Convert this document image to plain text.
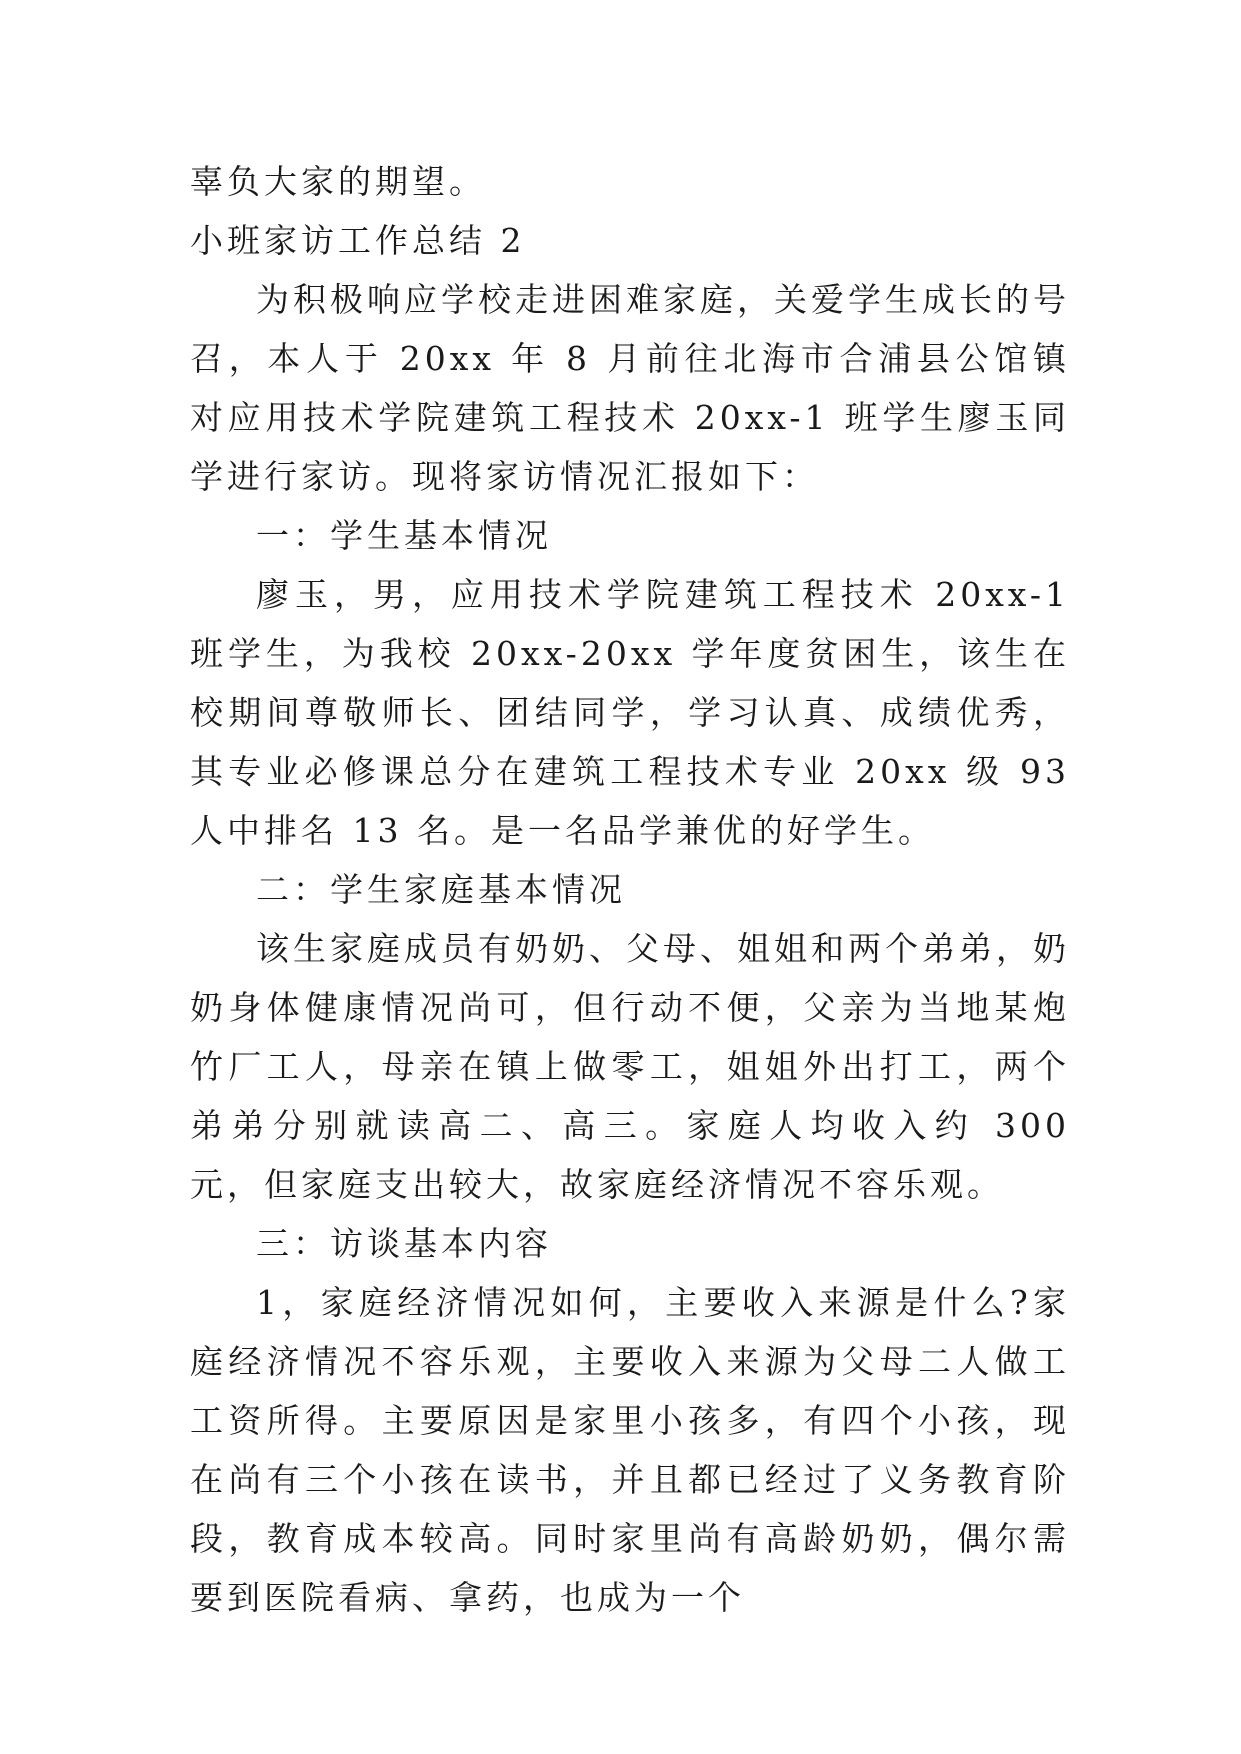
辜负大家的期望。

小班家访工作总结 2

为积极响应学校走进困难家庭，关爱学生成长的号召，本人于 20xx 年 8 月前往北海市合浦县公馆镇对应用技术学院建筑工程技术 20xx-1 班学生廖玉同学进行家访。现将家访情况汇报如下：

一：学生基本情况

廖玉，男，应用技术学院建筑工程技术 20xx-1 班学生，为我校 20xx-20xx 学年度贫困生，该生在校期间尊敬师长、团结同学，学习认真、成绩优秀，其专业必修课总分在建筑工程技术专业 20xx 级 93 人中排名 13 名。是一名品学兼优的好学生。

二：学生家庭基本情况

该生家庭成员有奶奶、父母、姐姐和两个弟弟，奶奶身体健康情况尚可，但行动不便，父亲为当地某炮竹厂工人，母亲在镇上做零工，姐姐外出打工，两个弟弟分别就读高二、高三。家庭人均收入约 300 元，但家庭支出较大，故家庭经济情况不容乐观。

三：访谈基本内容

1，家庭经济情况如何，主要收入来源是什么?家庭经济情况不容乐观，主要收入来源为父母二人做工工资所得。主要原因是家里小孩多，有四个小孩，现在尚有三个小孩在读书，并且都已经过了义务教育阶段，教育成本较高。同时家里尚有高龄奶奶，偶尔需要到医院看病、拿药，也成为一个
